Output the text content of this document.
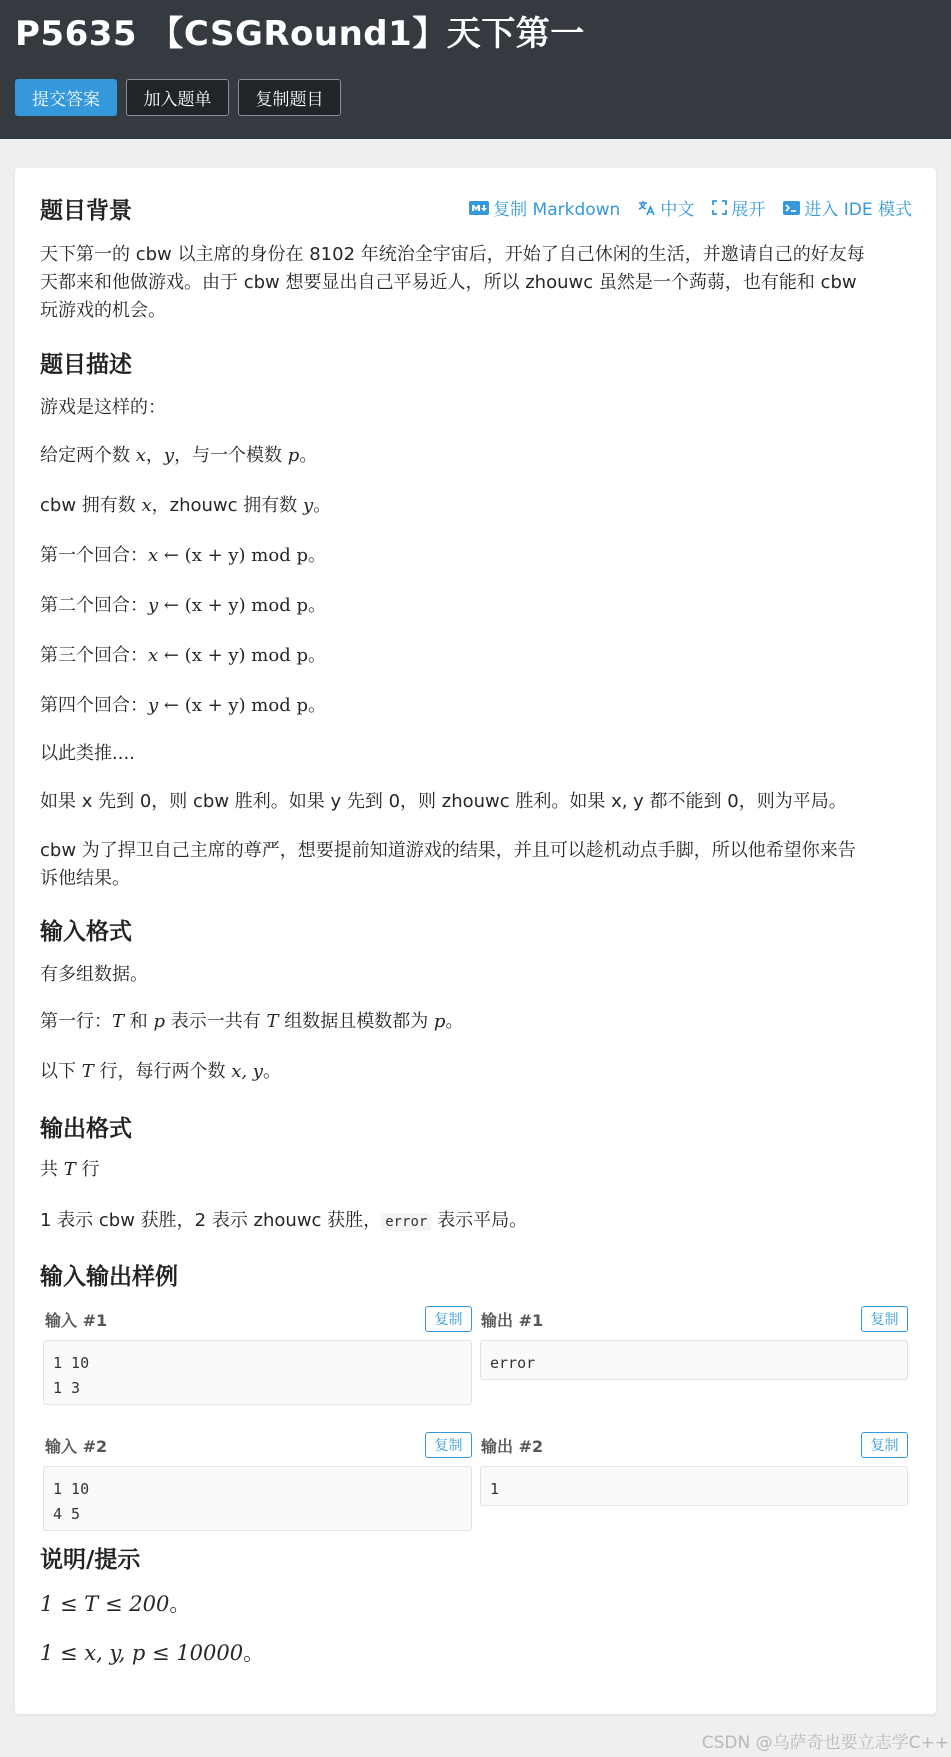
P5635 【CSGRound1】天下第一
提交答案	加入题单	复制题目
复制 Markdown 中文 展开 进入 IDE 模式
题目背景
天下第一的 cbw 以主席的身份在 8102 年统治全宇宙后，开始了自己休闲的生活，并邀请自己的好友每
天都来和他做游戏。由于 cbw 想要显出自己平易近人，所以 zhouwc 虽然是一个蒟蒻，也有能和 cbw
玩游戏的机会。
题目描述
游戏是这样的：
给定两个数 x，y，与一个模数 p。
cbw 拥有数 x，zhouwc 拥有数 y。
第一个回合：x ← (x + y) mod p。
第二个回合：y ← (x + y) mod p。
第三个回合：x ← (x + y) mod p。
第四个回合：y ← (x + y) mod p。
以此类推....
如果 x 先到 0，则 cbw 胜利。如果 y 先到 0，则 zhouwc 胜利。如果 x, y 都不能到 0，则为平局。
cbw 为了捍卫自己主席的尊严，想要提前知道游戏的结果，并且可以趁机动点手脚，所以他希望你来告
诉他结果。
输入格式
有多组数据。
第一行：T 和 p 表示一共有 T 组数据且模数都为 p。
以下 T 行，每行两个数 x, y。
输出格式
共 T 行
1 表示 cbw 获胜，2 表示 zhouwc 获胜， error 表示平局。
输入输出样例
输入 #1	复制
1 10
1 3
输出 #1	复制
error
输入 #2	复制
1 10
4 5
输出 #2	复制
1
说明/提示
1 ≤ T ≤ 200。
1 ≤ x, y, p ≤ 10000。
CSDN @乌萨奇也要立志学C++
